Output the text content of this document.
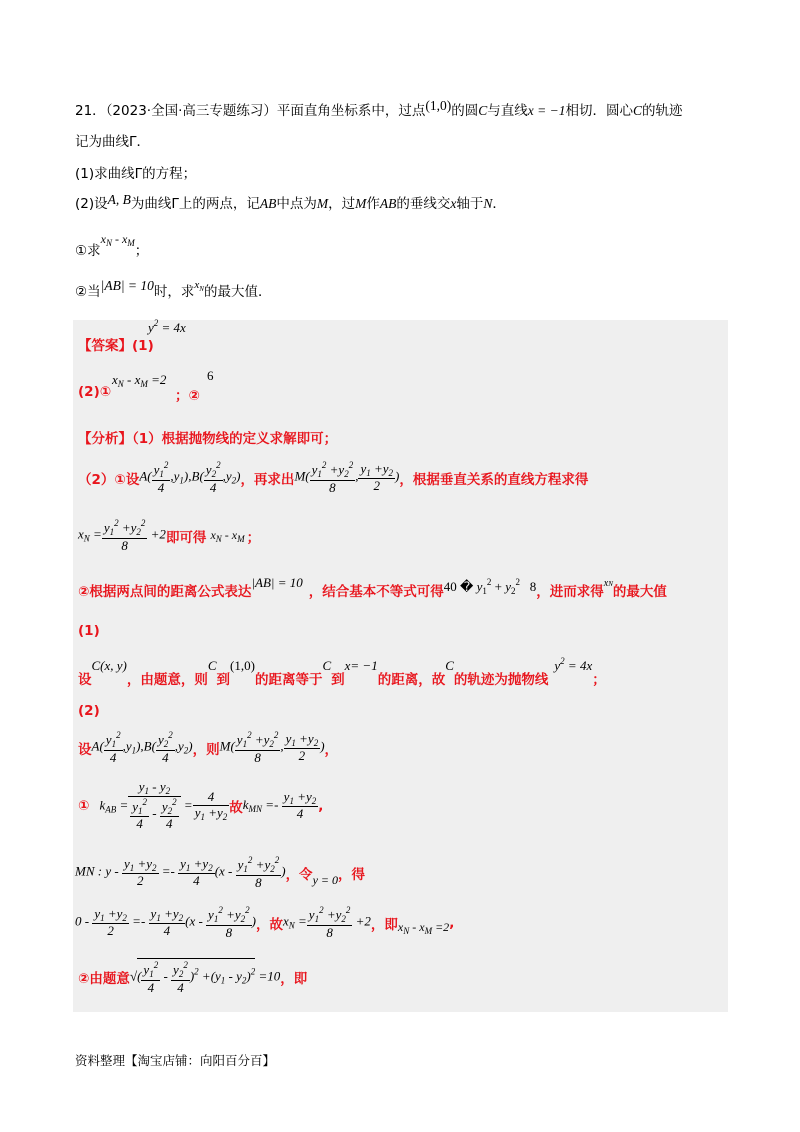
21．（2023·全国·高三专题练习）平面直角坐标系中，过点(1,0)的圆C与直线x = −1相切．圆心C的轨迹
记为曲线Γ．
(1)求曲线Γ的方程；
(2)设A, B为曲线Γ上的两点，记AB中点为M，过M作AB的垂线交x轴于N．
①求$x_N - x_M$；
②当|AB| = 10时，求$^{x_N}$的最大值．
【答案】(1)
$y^2 = 4x$
(2)①
$x_N - x_M =2$
；②
6
【分析】（1）根据抛物线的定义求解即可；
（2）①设 $A( \frac{y_1^2}{4} ,y_1),B( \frac{y_2^2}{4} ,y_2)$ ，再求出 $M( \frac{y_1^2 +y_2^2}{8}$ , $\frac{y_1 +y_2}{2}$ ) ，根据垂直关系的直线方程求得
$x_N = \frac{y_1^2 +y_2^2}{8} +2$ 即可得 $x_N - x_M$ ；
②根据两点间的距离公式表达
|AB| = 10
，结合基本不等式可得 40 � $y_1^2 + y_2^2$   8 ，进而求得
xN
的最大值
(1)
设
C(x, y)
，由题意，则
C
到
(1,0)
的距离等于
C
到
x= −1
的距离，故
C
的轨迹为抛物线
$y^2 = 4x$
；
(2)
设 $A( \frac{y_1^2}{4} ,y_1),B( \frac{y_2^2}{4} ,y_2)$ ，则 $M( \frac{y_1^2 +y_2^2}{8}$ , $\frac{y_1 +y_2}{2}$ ) ，
① $k_{AB} = \frac{y_1 - y_2}{\frac{y_1^2}{4} - \frac{y_2^2}{4}} = \frac{4}{y_1 +y_2}$ 故 $k_{MN} =- \frac{y_1 +y_2}{4}$ ,
MN : $y - \frac{y_1 +y_2}{2} =- \frac{y_1 +y_2}{4} (x - \frac{y_1^2 +y_2^2}{8}$ ) ，令 y = 0 ，得
$0 - \frac{y_1 +y_2}{2} =- \frac{y_1 +y_2}{4} (x - \frac{y_1^2 +y_2^2}{8}$ ) ，故 $x_N = \frac{y_1^2 +y_2^2}{8} +2$ ，即 $x_N - x_M =2$ ,
②由题意 √( $\frac{y_1^2}{4} - \frac{y_2^2}{4} )^2 +(y_1 - y_2)^2 =10$ ，即
资料整理【淘宝店铺：向阳百分百】
